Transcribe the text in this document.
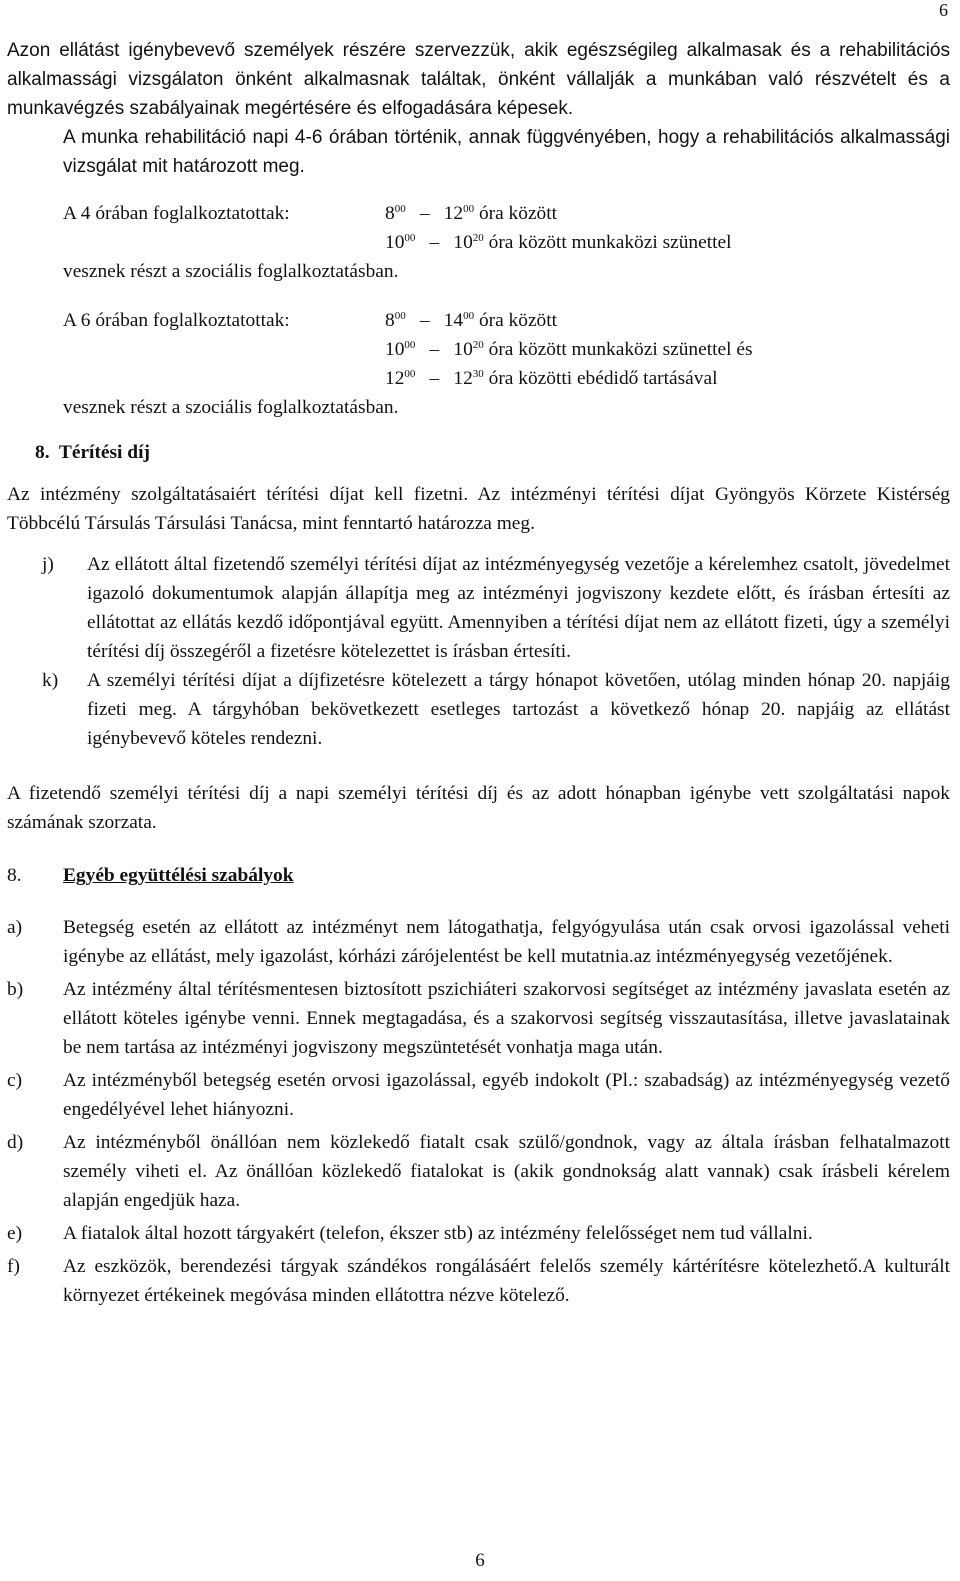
6

Azon ellátást igénybevevő személyek részére szervezzük, akik egészségileg alkalmasak és a rehabilitációs alkalmassági vizsgálaton önként alkalmasnak találtak, önként vállalják a munkában való részvételt és a munkavégzés szabályainak megértésére és elfogadására képesek.

A munka rehabilitáció napi 4-6 órában történik, annak függvényében, hogy a rehabilitációs alkalmassági vizsgálat mit határozott meg.

A 4 órában foglalkoztatottak:	$8^{00} - 12^{00}$ óra között
$10^{00} - 10^{20}$ óra között munkaközi szünettel
vesznek részt a szociális foglalkoztatásban.
A 6 órában foglalkoztatottak:	$8^{00} - 14^{00}$ óra között
$10^{00} - 10^{20}$ óra között munkaközi szünettel és
$12^{00} - 12^{30}$ óra közötti ebédidő tartásával
vesznek részt a szociális foglalkoztatásban.
8. Térítési díj

Az intézmény szolgáltatásaiért térítési díjat kell fizetni. Az intézményi térítési díjat Gyöngyös Körzete Kistérség Többcélú Társulás Társulási Tanácsa, mint fenntartó határozza meg.

j)	Az ellátott által fizetendő személyi térítési díjat az intézményegység vezetője a kérelemhez csatolt, jövedelmet igazoló dokumentumok alapján állapítja meg az intézményi jogviszony kezdete előtt, és írásban értesíti az ellátottat az ellátás kezdő időpontjával együtt. Amennyiben a térítési díjat nem az ellátott fizeti, úgy a személyi térítési díj összegéről a fizetésre kötelezettet is írásban értesíti.
k)	A személyi térítési díjat a díjfizetésre kötelezett a tárgy hónapot követően, utólag minden hónap 20. napjáig fizeti meg. A tárgyhóban bekövetkezett esetleges tartozást a következő hónap 20. napjáig az ellátást igénybevevő köteles rendezni.

A fizetendő személyi térítési díj a napi személyi térítési díj és az adott hónapban igénybe vett szolgáltatási napok számának szorzata.

8. Egyéb együttélési szabályok
a)	Betegség esetén az ellátott az intézményt nem látogathatja, felgyógyulása után csak orvosi igazolással veheti igénybe az ellátást, mely igazolást, kórházi zárójelentést be kell mutatnia.az intézményegység vezetőjének.
b)	Az intézmény által térítésmentesen biztosított pszichiáteri szakorvosi segítséget az intézmény javaslata esetén az ellátott köteles igénybe venni. Ennek megtagadása, és a szakorvosi segítség visszautasítása, illetve javaslatainak be nem tartása az intézményi jogviszony megszüntetését vonhatja maga után.
c)	Az intézményből betegség esetén orvosi igazolással, egyéb indokolt (Pl.: szabadság) az intézményegység vezető engedélyével lehet hiányozni.
d)	Az intézményből önállóan nem közlekedő fiatalt csak szülő/gondnok, vagy az általa írásban felhatalmazott személy viheti el. Az önállóan közlekedő fiatalokat is (akik gondnokság alatt vannak) csak írásbeli kérelem alapján engedjük haza.
e)	A fiatalok által hozott tárgyakért (telefon, ékszer stb) az intézmény felelősséget nem tud vállalni.
f)	Az eszközök, berendezési tárgyak szándékos rongálásáért felelős személy kártérítésre kötelezhető.A kulturált környezet értékeinek megóvása minden ellátottra nézve kötelező.
6
